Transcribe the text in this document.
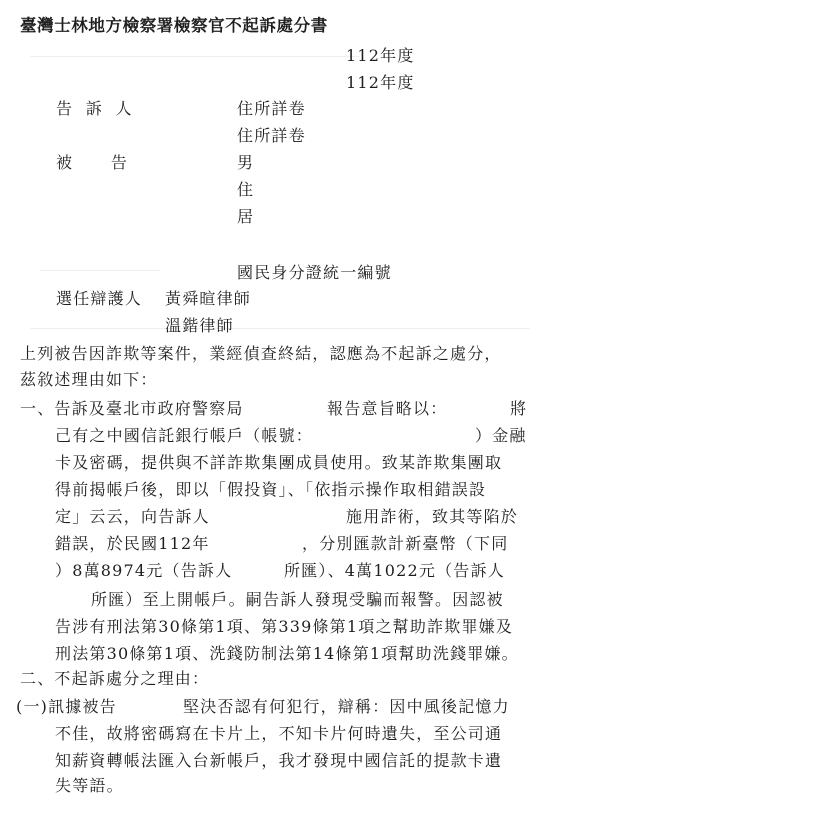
臺灣士林地方檢察署檢察官不起訴處分書
112年度
112年度
告  訴  人	住所詳卷
住所詳卷
被      告	男
住
居
國民身分證統一編號
選任辯護人 黃舜暄律師
溫鍇律師
上列被告因詐欺等案件，業經偵查終結，認應為不起訴之處分，
茲敘述理由如下：
一、告訴及臺北市政府警察局	報告意旨略以：	將
己有之中國信託銀行帳戶（帳號：	）金融
卡及密碼，提供與不詳詐欺集團成員使用。致某詐欺集團取
得前揭帳戶後，即以「假投資」、「依指示操作取相錯誤設
定」云云，向告訴人	施用詐術，致其等陷於
錯誤，於民國112年	，分別匯款計新臺幣（下同
）8萬8974元（告訴人	所匯）、4萬1022元（告訴人
所匯）至上開帳戶。嗣告訴人發現受騙而報警。因認被
告涉有刑法第30條第1項、第339條第1項之幫助詐欺罪嫌及
刑法第30條第1項、洗錢防制法第14條第1項幫助洗錢罪嫌。
二、不起訴處分之理由：
(一)訊據被告	堅決否認有何犯行，辯稱：因中風後記憶力
不佳，故將密碼寫在卡片上，不知卡片何時遺失，至公司通
知薪資轉帳法匯入台新帳戶，我才發現中國信託的提款卡遺
失等語。
